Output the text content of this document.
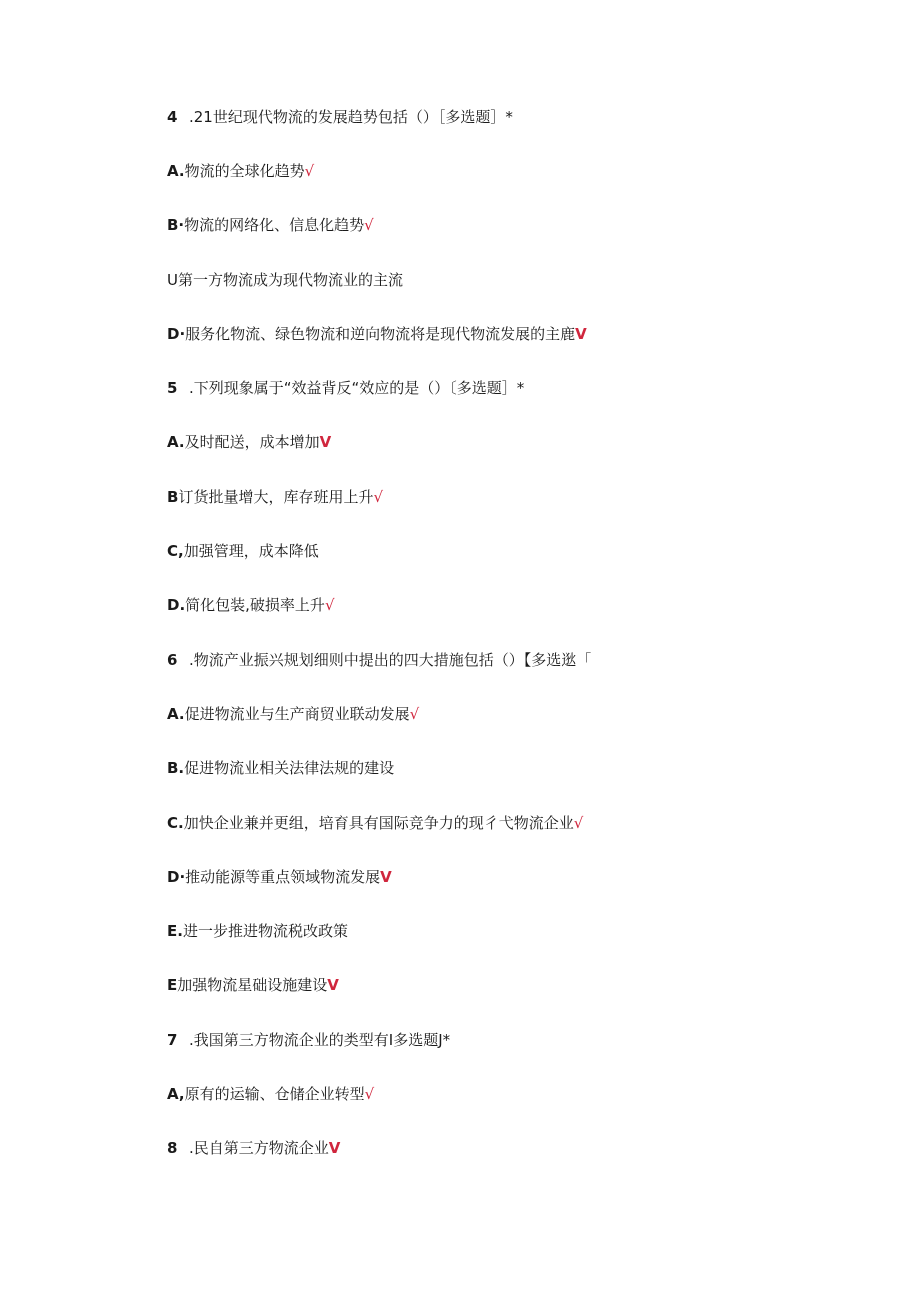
4 .21世纪现代物流的发展趋势包括（）［多选题］*
A.物流的全球化趋势√
B·物流的网络化、信息化趋势√
U第一方物流成为现代物流业的主流
D·服务化物流、绿色物流和逆向物流将是现代物流发展的主鹿V
5 .下列现象属于“效益背反“效应的是（）〔多选题］*
A.及时配送，成本增加V
B订货批量增大，库存班用上升√
C,加强管理，成本降低
D.简化包装,破损率上升√
6 .物流产业振兴规划细则中提出的四大措施包括（）【多选逖「
A.促进物流业与生产商贸业联动发展√
B.促进物流业相关法律法规的建设
C.加快企业兼并更组，培育具有国际竞争力的现彳弋物流企业√
D·推动能源等重点领域物流发展V
E.进一步推进物流税改政策
E加强物流星础设施建设V
7 .我国第三方物流企业的类型有I多选题J*
A,原有的运输、仓储企业转型√
8 .民自第三方物流企业V
